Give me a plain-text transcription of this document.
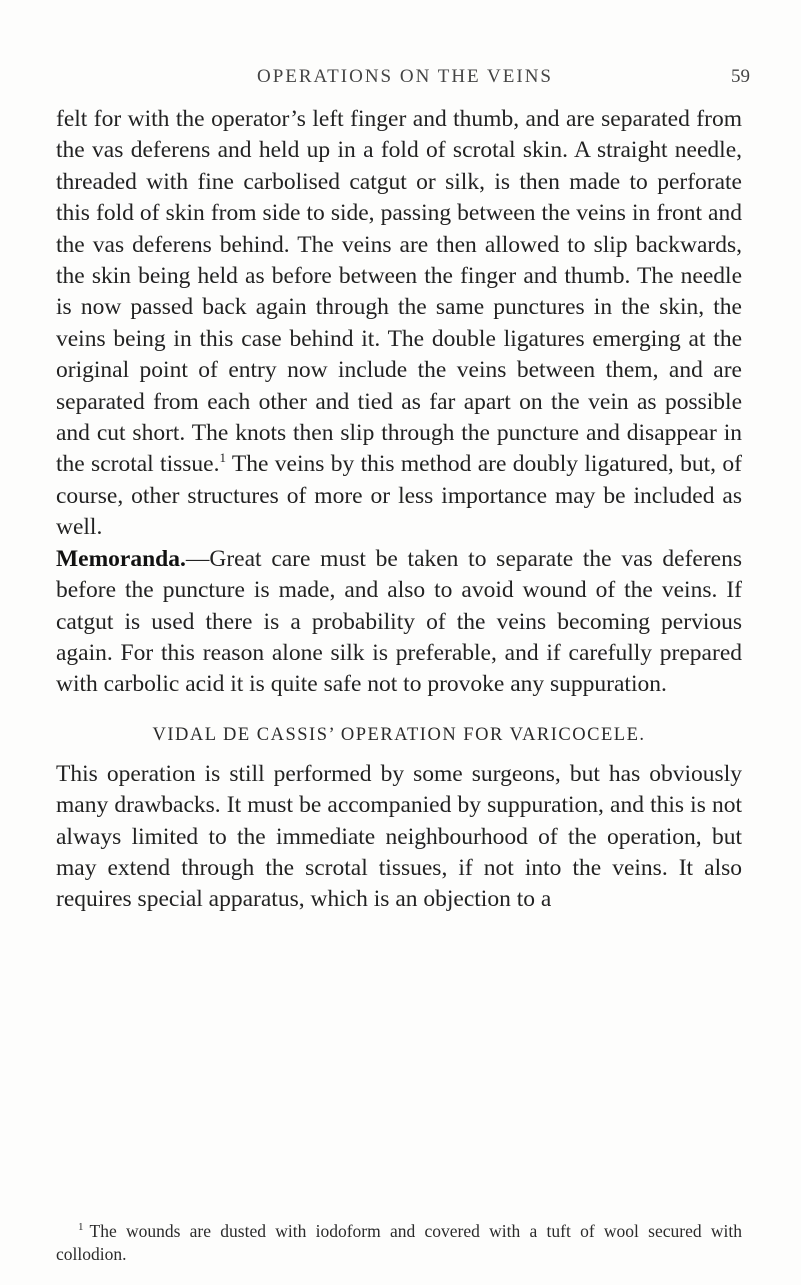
OPERATIONS ON THE VEINS	59

felt for with the operator’s left finger and thumb, and are separated from the vas deferens and held up in a fold of scrotal skin. A straight needle, threaded with fine carbolised catgut or silk, is then made to perforate this fold of skin from side to side, passing between the veins in front and the vas deferens behind. The veins are then allowed to slip backwards, the skin being held as before between the finger and thumb. The needle is now passed back again through the same punctures in the skin, the veins being in this case behind it. The double ligatures emerging at the original point of entry now include the veins between them, and are separated from each other and tied as far apart on the vein as possible and cut short. The knots then slip through the puncture and disappear in the scrotal tissue.$^1$ The veins by this method are doubly ligatured, but, of course, other structures of more or less importance may be included as well.

Memoranda.—Great care must be taken to separate the vas deferens before the puncture is made, and also to avoid wound of the veins. If catgut is used there is a probability of the veins becoming pervious again. For this reason alone silk is preferable, and if carefully prepared with carbolic acid it is quite safe not to provoke any suppuration.

VIDAL DE CASSIS’ OPERATION FOR VARICOCELE.

This operation is still performed by some surgeons, but has obviously many drawbacks. It must be accompanied by suppuration, and this is not always limited to the immediate neighbourhood of the operation, but may extend through the scrotal tissues, if not into the veins. It also requires special apparatus, which is an objection to a

$^1$ The wounds are dusted with iodoform and covered with a tuft of wool secured with collodion.
